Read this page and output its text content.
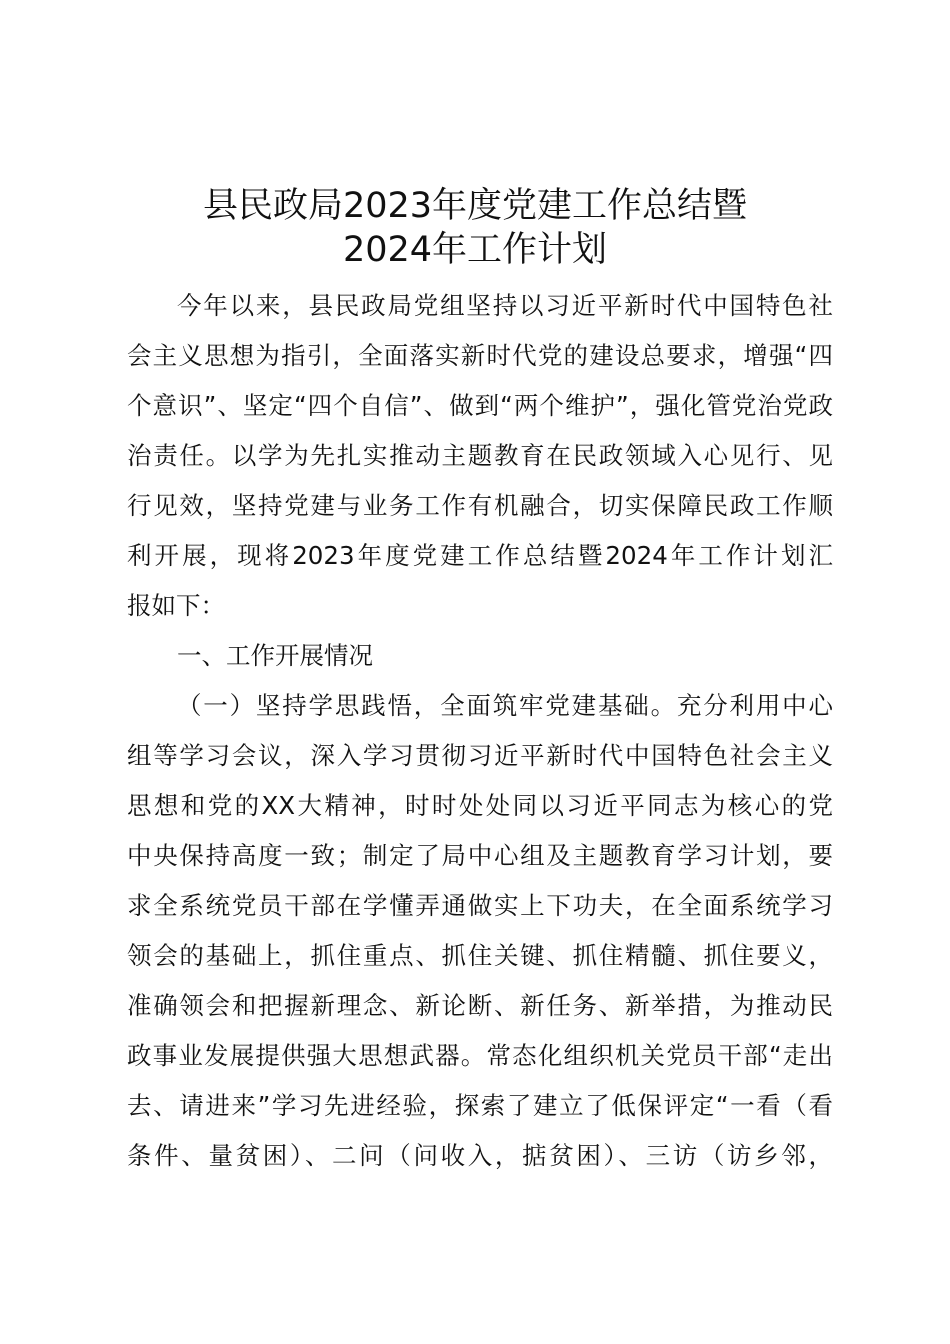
县民政局2023年度党建工作总结暨
2024年工作计划
今年以来，县民政局党组坚持以习近平新时代中国特色社
会主义思想为指引，全面落实新时代党的建设总要求，增强“四
个意识”、坚定“四个自信”、做到“两个维护”，强化管党治党政
治责任。以学为先扎实推动主题教育在民政领域入心见行、见
行见效，坚持党建与业务工作有机融合，切实保障民政工作顺
利开展，现将2023年度党建工作总结暨2024年工作计划汇
报如下：
一、工作开展情况
（一）坚持学思践悟，全面筑牢党建基础。充分利用中心
组等学习会议，深入学习贯彻习近平新时代中国特色社会主义
思想和党的XX大精神，时时处处同以习近平同志为核心的党
中央保持高度一致；制定了局中心组及主题教育学习计划，要
求全系统党员干部在学懂弄通做实上下功夫，在全面系统学习
领会的基础上，抓住重点、抓住关键、抓住精髓、抓住要义，
准确领会和把握新理念、新论断、新任务、新举措，为推动民
政事业发展提供强大思想武器。常态化组织机关党员干部“走出
去、请进来”学习先进经验，探索了建立了低保评定“一看（看
条件、量贫困）、二问（问收入，掂贫困）、三访（访乡邻，
